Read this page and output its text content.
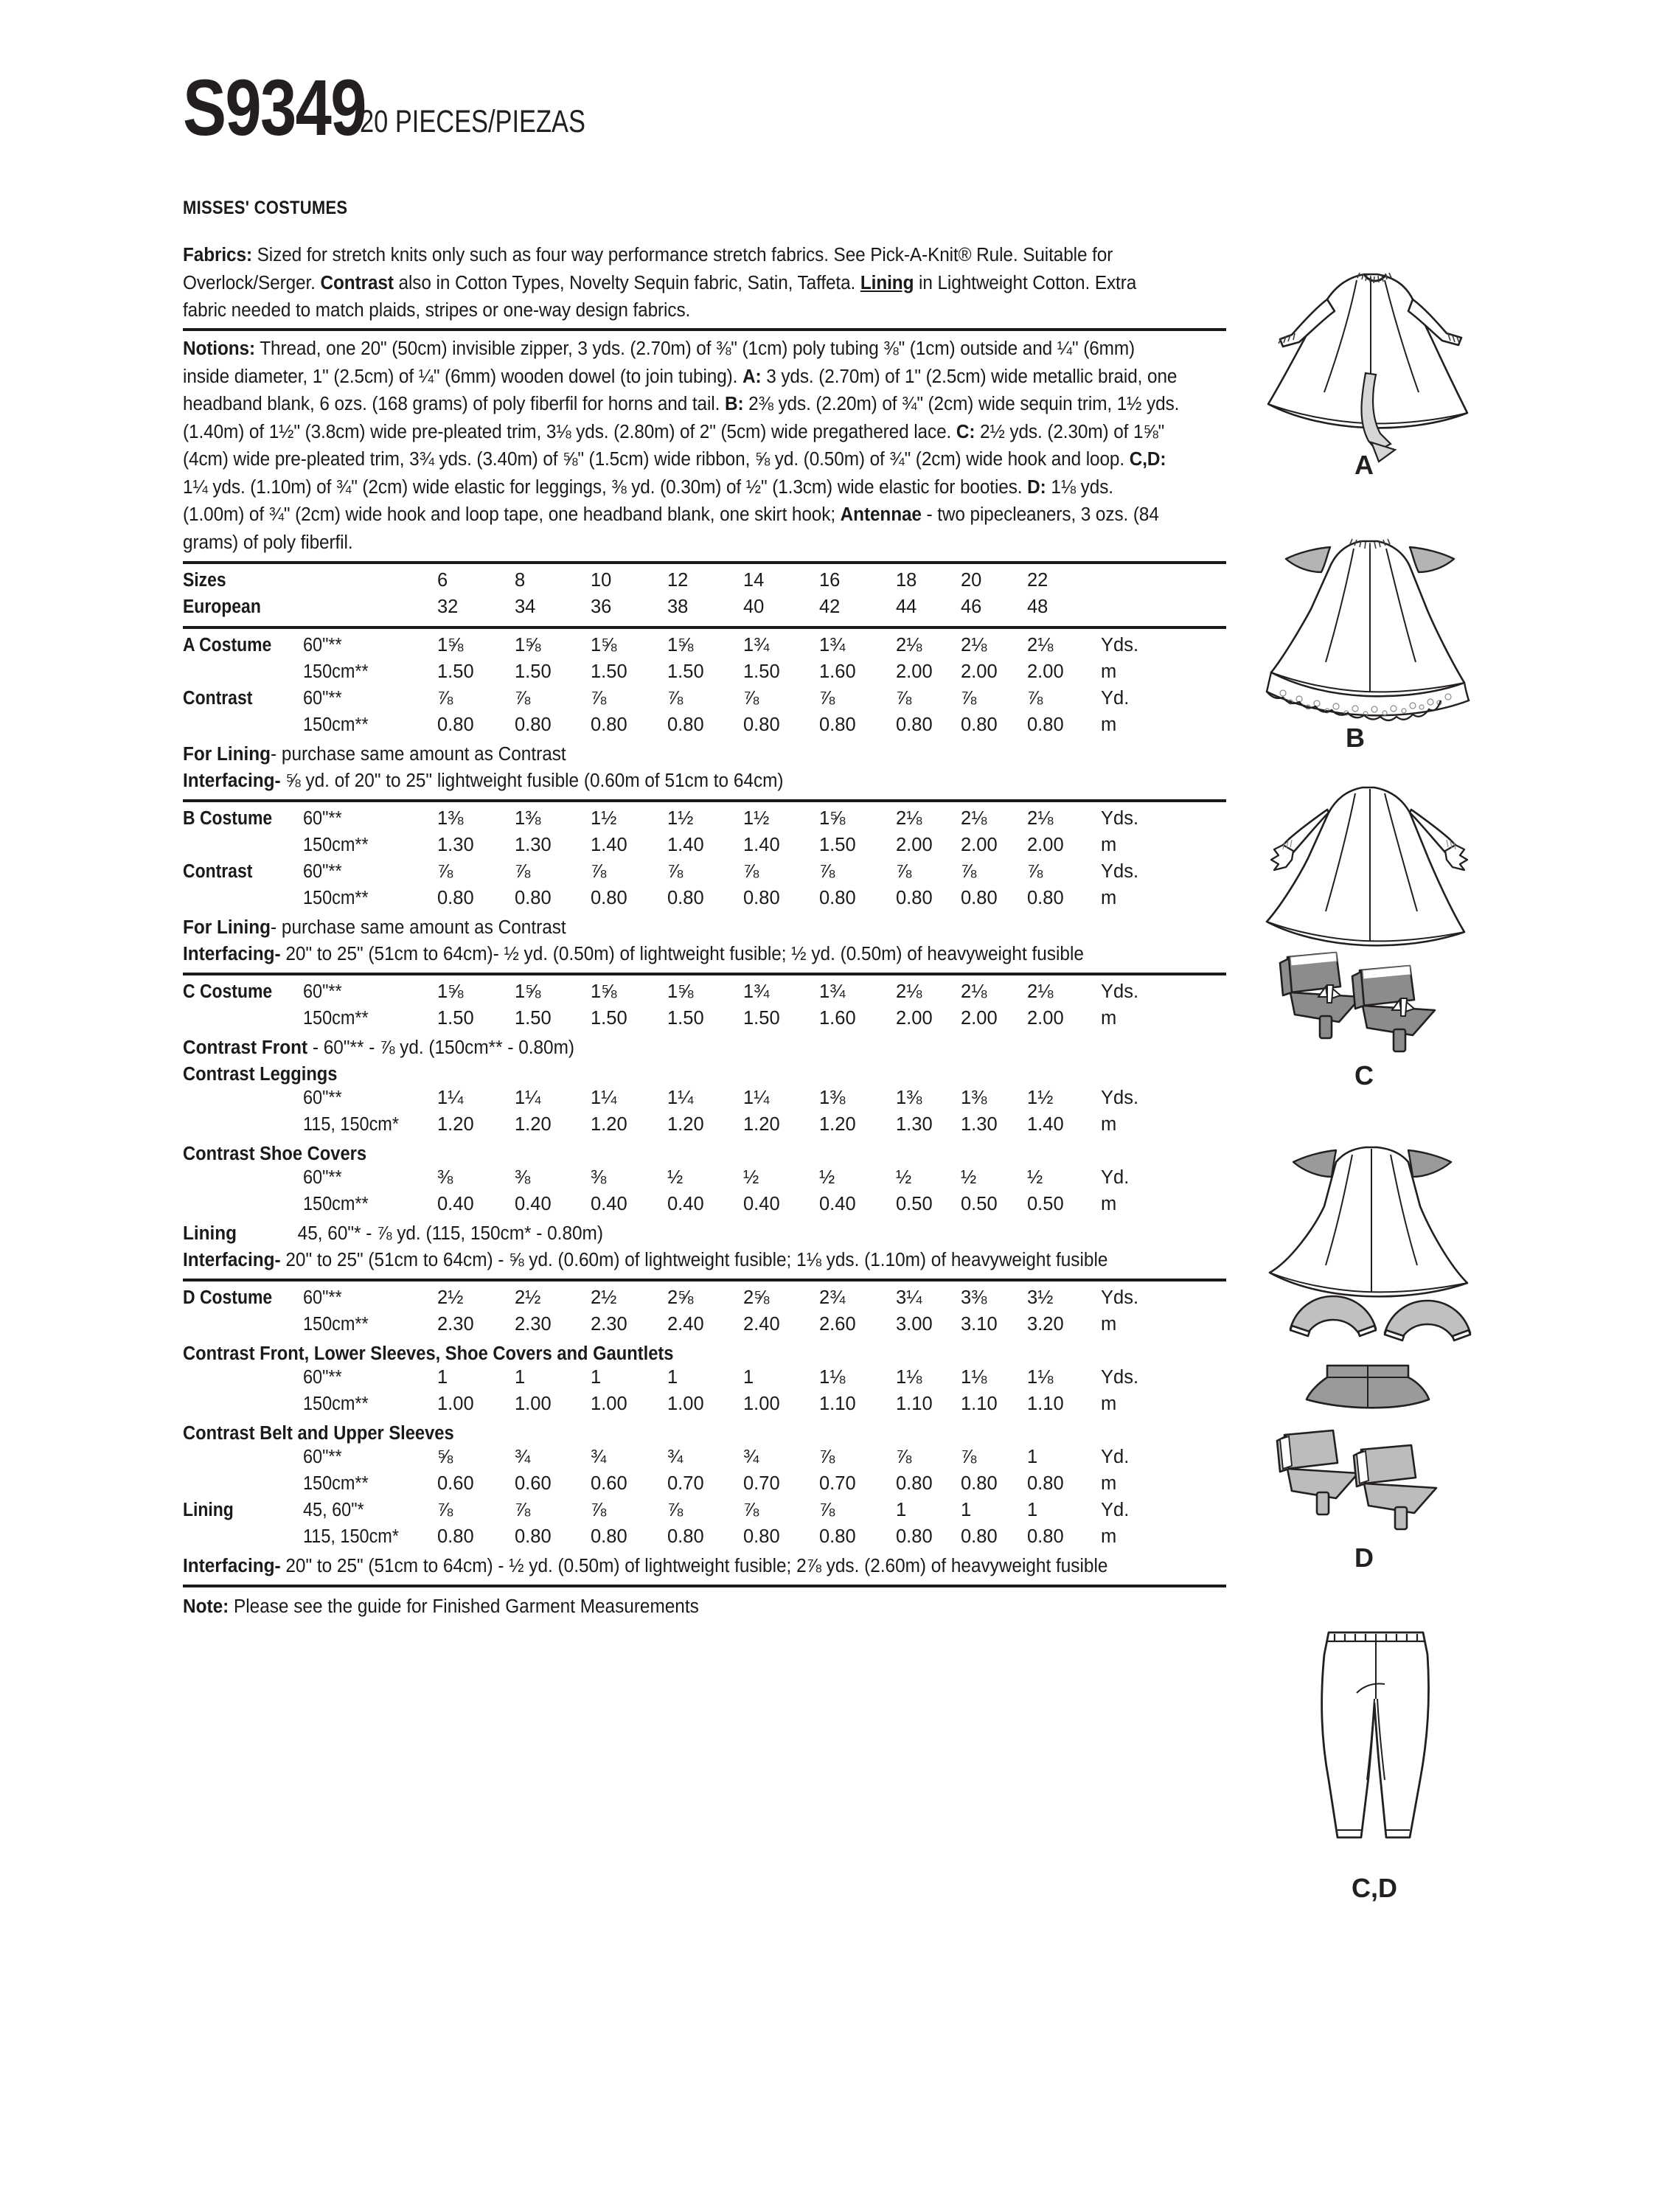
S934920 PIECES/PIEZAS
MISSES' COSTUMES
Fabrics: Sized for stretch knits only such as four way performance stretch fabrics. See Pick-A-Knit® Rule. Suitable for Overlock/Serger. Contrast also in Cotton Types, Novelty Sequin fabric, Satin, Taffeta. Lining in Lightweight Cotton. Extra fabric needed to match plaids, stripes or one-way design fabrics.
Notions: Thread, one 20" (50cm) invisible zipper, 3 yds. (2.70m) of ⅜" (1cm) poly tubing ⅜" (1cm) outside and ¼" (6mm) inside diameter, 1" (2.5cm) of ¼" (6mm) wooden dowel (to join tubing). A: 3 yds. (2.70m) of 1" (2.5cm) wide metallic braid, one headband blank, 6 ozs. (168 grams) of poly fiberfil for horns and tail. B: 2⅜ yds. (2.20m) of ¾" (2cm) wide sequin trim, 1½ yds. (1.40m) of 1½" (3.8cm) wide pre-pleated trim, 3⅛ yds. (2.80m) of 2" (5cm) wide pregathered lace. C: 2½ yds. (2.30m) of 1⅝" (4cm) wide pre-pleated trim, 3¾ yds. (3.40m) of ⅝" (1.5cm) wide ribbon, ⅝ yd. (0.50m) of ¾" (2cm) wide hook and loop. C,D: 1¼ yds. (1.10m) of ¾" (2cm) wide elastic for leggings, ⅜ yd. (0.30m) of ½" (1.3cm) wide elastic for booties. D: 1⅛ yds. (1.00m) of ¾" (2cm) wide hook and loop tape, one headband blank, one skirt hook; Antennae - two pipecleaners, 3 ozs. (84 grams) of poly fiberfil.
Sizes	6	8	10	12	14	16	18	20	22
European	32	34	36	38	40	42	44	46	48
A Costume	60"**	1⅝	1⅝	1⅝	1⅝	1¾	1¾	2⅛	2⅛	2⅛	Yds.
150cm**	1.50	1.50	1.50	1.50	1.50	1.60	2.00	2.00	2.00	m
Contrast	60"**	⅞	⅞	⅞	⅞	⅞	⅞	⅞	⅞	⅞	Yd.
150cm**	0.80	0.80	0.80	0.80	0.80	0.80	0.80	0.80	0.80	m
For Lining- purchase same amount as Contrast
Interfacing- ⅝ yd. of 20" to 25" lightweight fusible (0.60m of 51cm to 64cm)
B Costume	60"**	1⅜	1⅜	1½	1½	1½	1⅝	2⅛	2⅛	2⅛	Yds.
150cm**	1.30	1.30	1.40	1.40	1.40	1.50	2.00	2.00	2.00	m
Contrast	60"**	⅞	⅞	⅞	⅞	⅞	⅞	⅞	⅞	⅞	Yds.
150cm**	0.80	0.80	0.80	0.80	0.80	0.80	0.80	0.80	0.80	m
For Lining- purchase same amount as Contrast
Interfacing- 20" to 25" (51cm to 64cm)- ½ yd. (0.50m) of lightweight fusible; ½ yd. (0.50m) of heavyweight fusible
C Costume	60"**	1⅝	1⅝	1⅝	1⅝	1¾	1¾	2⅛	2⅛	2⅛	Yds.
150cm**	1.50	1.50	1.50	1.50	1.50	1.60	2.00	2.00	2.00	m
Contrast Front - 60"** - ⅞ yd. (150cm** - 0.80m)
Contrast Leggings
60"**	1¼	1¼	1¼	1¼	1¼	1⅜	1⅜	1⅜	1½	Yds.
115, 150cm*	1.20	1.20	1.20	1.20	1.20	1.20	1.30	1.30	1.40	m
Contrast Shoe Covers
60"**	⅜	⅜	⅜	½	½	½	½	½	½	Yd.
150cm**	0.40	0.40	0.40	0.40	0.40	0.40	0.50	0.50	0.50	m
Lining	45, 60"* - ⅞ yd. (115, 150cm* - 0.80m)
Interfacing- 20" to 25" (51cm to 64cm) - ⅝ yd. (0.60m) of lightweight fusible; 1⅛ yds. (1.10m) of heavyweight fusible
D Costume	60"**	2½	2½	2½	2⅝	2⅝	2¾	3¼	3⅜	3½	Yds.
150cm**	2.30	2.30	2.30	2.40	2.40	2.60	3.00	3.10	3.20	m
Contrast Front, Lower Sleeves, Shoe Covers and Gauntlets
60"**	1	1	1	1	1	1⅛	1⅛	1⅛	1⅛	Yds.
150cm**	1.00	1.00	1.00	1.00	1.00	1.10	1.10	1.10	1.10	m
Contrast Belt and Upper Sleeves
60"**	⅝	¾	¾	¾	¾	⅞	⅞	⅞	1	Yd.
150cm**	0.60	0.60	0.60	0.70	0.70	0.70	0.80	0.80	0.80	m
Lining	45, 60"*	⅞	⅞	⅞	⅞	⅞	⅞	1	1	1	Yd.
115, 150cm*	0.80	0.80	0.80	0.80	0.80	0.80	0.80	0.80	0.80	m
Interfacing- 20" to 25" (51cm to 64cm) - ½ yd. (0.50m) of lightweight fusible; 2⅞ yds. (2.60m) of heavyweight fusible
Note: Please see the guide for Finished Garment Measurements
A
B
C
D
C,D
